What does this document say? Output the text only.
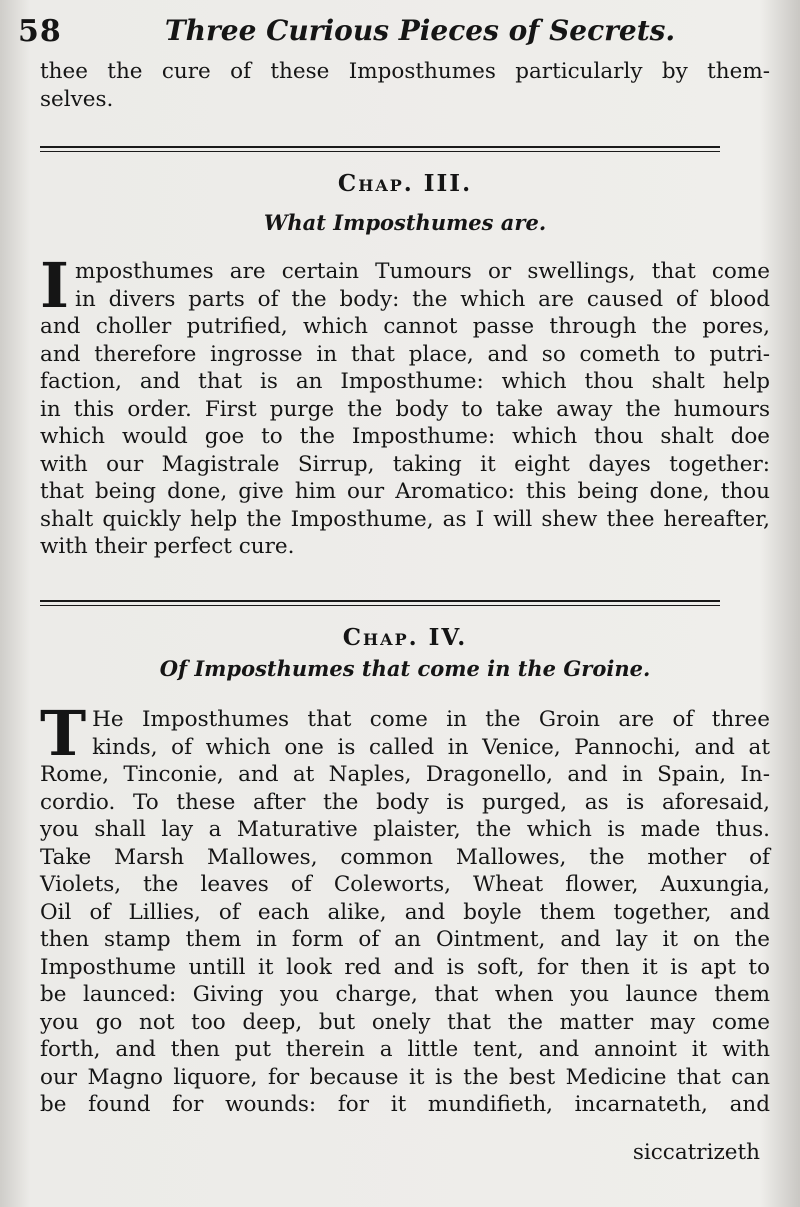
58	Three Curious Pieces of Secrets.
thee the cure of these Imposthumes particularly by them-
selves.
Chap. III.
What Imposthumes are.
I mposthumes are certain Tumours or swellings, that come
in divers parts of the body: the which are caused of blood
and choller putrified, which cannot passe through the pores,
and therefore ingrosse in that place, and so cometh to putri-
faction, and that is an Imposthume: which thou shalt help
in this order. First purge the body to take away the humours
which would goe to the Imposthume: which thou shalt doe
with our Magistrale Sirrup, taking it eight dayes together:
that being done, give him our Aromatico: this being done, thou
shalt quickly help the Imposthume, as I will shew thee hereafter,
with their perfect cure.
Chap. IV.
Of Imposthumes that come in the Groine.
T He Imposthumes that come in the Groin are of three
kinds, of which one is called in Venice, Pannochi, and at
Rome, Tinconie, and at Naples, Dragonello, and in Spain, In-
cordio. To these after the body is purged, as is aforesaid,
you shall lay a Maturative plaister, the which is made thus.
Take Marsh Mallowes, common Mallowes, the mother of
Violets, the leaves of Coleworts, Wheat flower, Auxungia,
Oil of Lillies, of each alike, and boyle them together, and
then stamp them in form of an Ointment, and lay it on the
Imposthume untill it look red and is soft, for then it is apt to
be launced: Giving you charge, that when you launce them
you go not too deep, but onely that the matter may come
forth, and then put therein a little tent, and annoint it with
our Magno liquore, for because it is the best Medicine that can
be found for wounds: for it mundifieth, incarnateth, and
siccatrizeth
